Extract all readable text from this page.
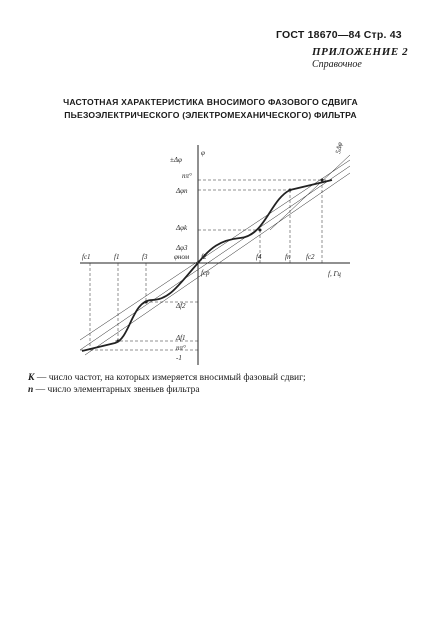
ГОСТ 18670—84 Стр. 43
ПРИЛОЖЕНИЕ 2
Справочное
ЧАСТОТНАЯ ХАРАКТЕРИСТИКА ВНОСИМОГО ФАЗОВОГО СДВИГА
ПЬЕЗОЭЛЕКТРИЧЕСКОГО (ЭЛЕКТРОМЕХАНИЧЕСКОГО) ФИЛЬТРА
±Δφ
φ
f, Гц
5Δφ
nπ°
Δφn
Δφk
Δφ3
φном
Δf2
Δf1
nπ°
-1
fс1	f1	f3	f2	f4	fn fс2
fср
К — число частот, на которых измеряется вносимый фазовый сдвиг;
n — число элементарных звеньев фильтра
